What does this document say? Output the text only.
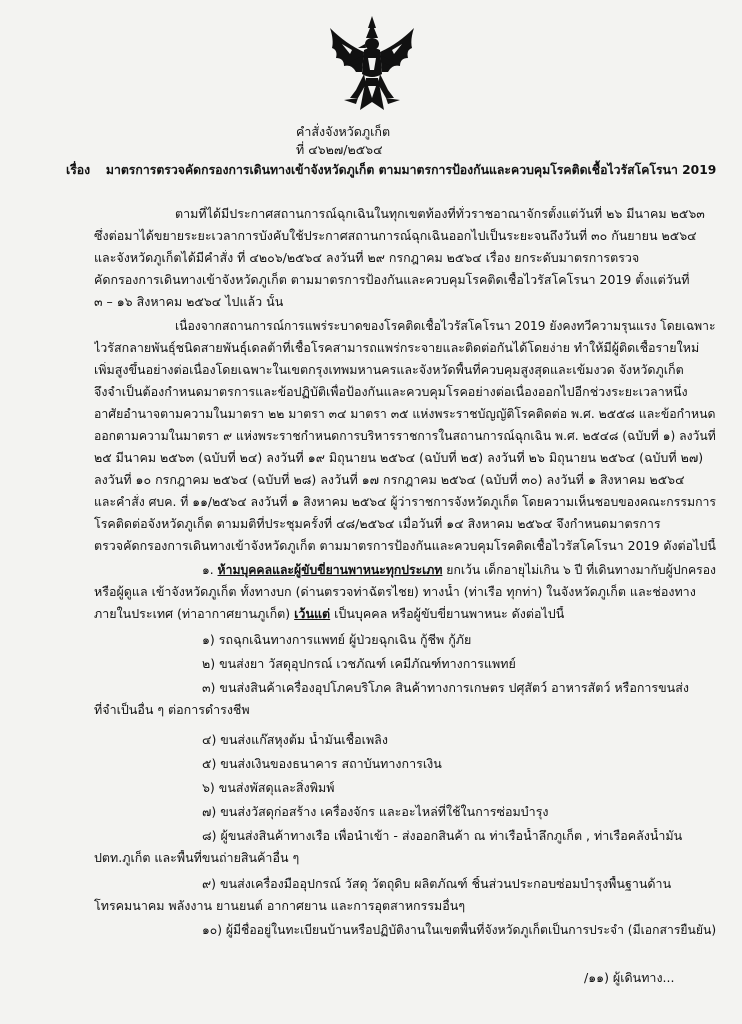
คำสั่งจังหวัดภูเก็ต
ที่ ๔๖๒๗/๒๕๖๔
เรื่อง มาตรการตรวจคัดกรองการเดินทางเข้าจังหวัดภูเก็ต ตามมาตรการป้องกันและควบคุมโรคติดเชื้อไวรัสโคโรนา 2019
ตามที่ได้มีประกาศสถานการณ์ฉุกเฉินในทุกเขตท้องที่ทั่วราชอาณาจักรตั้งแต่วันที่ ๒๖ มีนาคม ๒๕๖๓
ซึ่งต่อมาได้ขยายระยะเวลาการบังคับใช้ประกาศสถานการณ์ฉุกเฉินออกไปเป็นระยะจนถึงวันที่ ๓๐ กันยายน ๒๕๖๔
และจังหวัดภูเก็ตได้มีคำสั่ง ที่ ๔๒๐๖/๒๕๖๔ ลงวันที่ ๒๙ กรกฎาคม ๒๕๖๔ เรื่อง ยกระดับมาตรการตรวจ
คัดกรองการเดินทางเข้าจังหวัดภูเก็ต ตามมาตรการป้องกันและควบคุมโรคติดเชื้อไวรัสโคโรนา 2019 ตั้งแต่วันที่
๓ – ๑๖ สิงหาคม ๒๕๖๔ ไปแล้ว นั้น
เนื่องจากสถานการณ์การแพร่ระบาดของโรคติดเชื้อไวรัสโคโรนา 2019 ยังคงทวีความรุนแรง โดยเฉพาะ
ไวรัสกลายพันธุ์ชนิดสายพันธุ์เดลต้าที่เชื้อโรคสามารถแพร่กระจายและติดต่อกันได้โดยง่าย ทำให้มีผู้ติดเชื้อรายใหม่
เพิ่มสูงขึ้นอย่างต่อเนื่องโดยเฉพาะในเขตกรุงเทพมหานครและจังหวัดพื้นที่ควบคุมสูงสุดและเข้มงวด จังหวัดภูเก็ต
จึงจำเป็นต้องกำหนดมาตรการและข้อปฏิบัติเพื่อป้องกันและควบคุมโรคอย่างต่อเนื่องออกไปอีกช่วงระยะเวลาหนึ่ง
อาศัยอำนาจตามความในมาตรา ๒๒ มาตรา ๓๔ มาตรา ๓๕ แห่งพระราชบัญญัติโรคติดต่อ พ.ศ. ๒๕๕๘ และข้อกำหนด
ออกตามความในมาตรา ๙ แห่งพระราชกำหนดการบริหารราชการในสถานการณ์ฉุกเฉิน พ.ศ. ๒๕๔๘ (ฉบับที่ ๑) ลงวันที่
๒๕ มีนาคม ๒๕๖๓ (ฉบับที่ ๒๔) ลงวันที่ ๑๙ มิถุนายน ๒๕๖๔ (ฉบับที่ ๒๕) ลงวันที่ ๒๖ มิถุนายน ๒๕๖๔ (ฉบับที่ ๒๗)
ลงวันที่ ๑๐ กรกฎาคม ๒๕๖๔ (ฉบับที่ ๒๘) ลงวันที่ ๑๗ กรกฎาคม ๒๕๖๔ (ฉบับที่ ๓๐) ลงวันที่ ๑ สิงหาคม ๒๕๖๔
และคำสั่ง ศบค. ที่ ๑๑/๒๕๖๔ ลงวันที่ ๑ สิงหาคม ๒๕๖๔ ผู้ว่าราชการจังหวัดภูเก็ต โดยความเห็นชอบของคณะกรรมการ
โรคติดต่อจังหวัดภูเก็ต ตามมติที่ประชุมครั้งที่ ๔๘/๒๕๖๔ เมื่อวันที่ ๑๔ สิงหาคม ๒๕๖๔ จึงกำหนดมาตรการ
ตรวจคัดกรองการเดินทางเข้าจังหวัดภูเก็ต ตามมาตรการป้องกันและควบคุมโรคติดเชื้อไวรัสโคโรนา 2019 ดังต่อไปนี้
๑. ห้ามบุคคลและผู้ขับขี่ยานพาหนะทุกประเภท ยกเว้น เด็กอายุไม่เกิน ๖ ปี ที่เดินทางมากับผู้ปกครอง
หรือผู้ดูแล เข้าจังหวัดภูเก็ต ทั้งทางบก (ด่านตรวจท่าฉัตรไชย) ทางน้ำ (ท่าเรือ ทุกท่า) ในจังหวัดภูเก็ต และช่องทาง
ภายในประเทศ (ท่าอากาศยานภูเก็ต) เว้นแต่ เป็นบุคคล หรือผู้ขับขี่ยานพาหนะ ดังต่อไปนี้
๑) รถฉุกเฉินทางการแพทย์ ผู้ป่วยฉุกเฉิน กู้ชีพ กู้ภัย
๒) ขนส่งยา วัสดุอุปกรณ์ เวชภัณฑ์ เคมีภัณฑ์ทางการแพทย์
๓) ขนส่งสินค้าเครื่องอุปโภคบริโภค สินค้าทางการเกษตร ปศุสัตว์ อาหารสัตว์ หรือการขนส่ง
ที่จำเป็นอื่น ๆ ต่อการดำรงชีพ
๔) ขนส่งแก๊สหุงต้ม น้ำมันเชื้อเพลิง
๕) ขนส่งเงินของธนาคาร สถาบันทางการเงิน
๖) ขนส่งพัสดุและสิ่งพิมพ์
๗) ขนส่งวัสดุก่อสร้าง เครื่องจักร และอะไหล่ที่ใช้ในการซ่อมบำรุง
๘) ผู้ขนส่งสินค้าทางเรือ เพื่อนำเข้า - ส่งออกสินค้า ณ ท่าเรือน้ำลึกภูเก็ต , ท่าเรือคลังน้ำมัน
ปตท.ภูเก็ต และพื้นที่ขนถ่ายสินค้าอื่น ๆ
๙) ขนส่งเครื่องมืออุปกรณ์ วัสดุ วัตถุดิบ ผลิตภัณฑ์ ชิ้นส่วนประกอบซ่อมบำรุงพื้นฐานด้าน
โทรคมนาคม พลังงาน ยานยนต์ อากาศยาน และการอุตสาหกรรมอื่นๆ
๑๐) ผู้มีชื่ออยู่ในทะเบียนบ้านหรือปฏิบัติงานในเขตพื้นที่จังหวัดภูเก็ตเป็นการประจำ (มีเอกสารยืนยัน)
/๑๑) ผู้เดินทาง...
